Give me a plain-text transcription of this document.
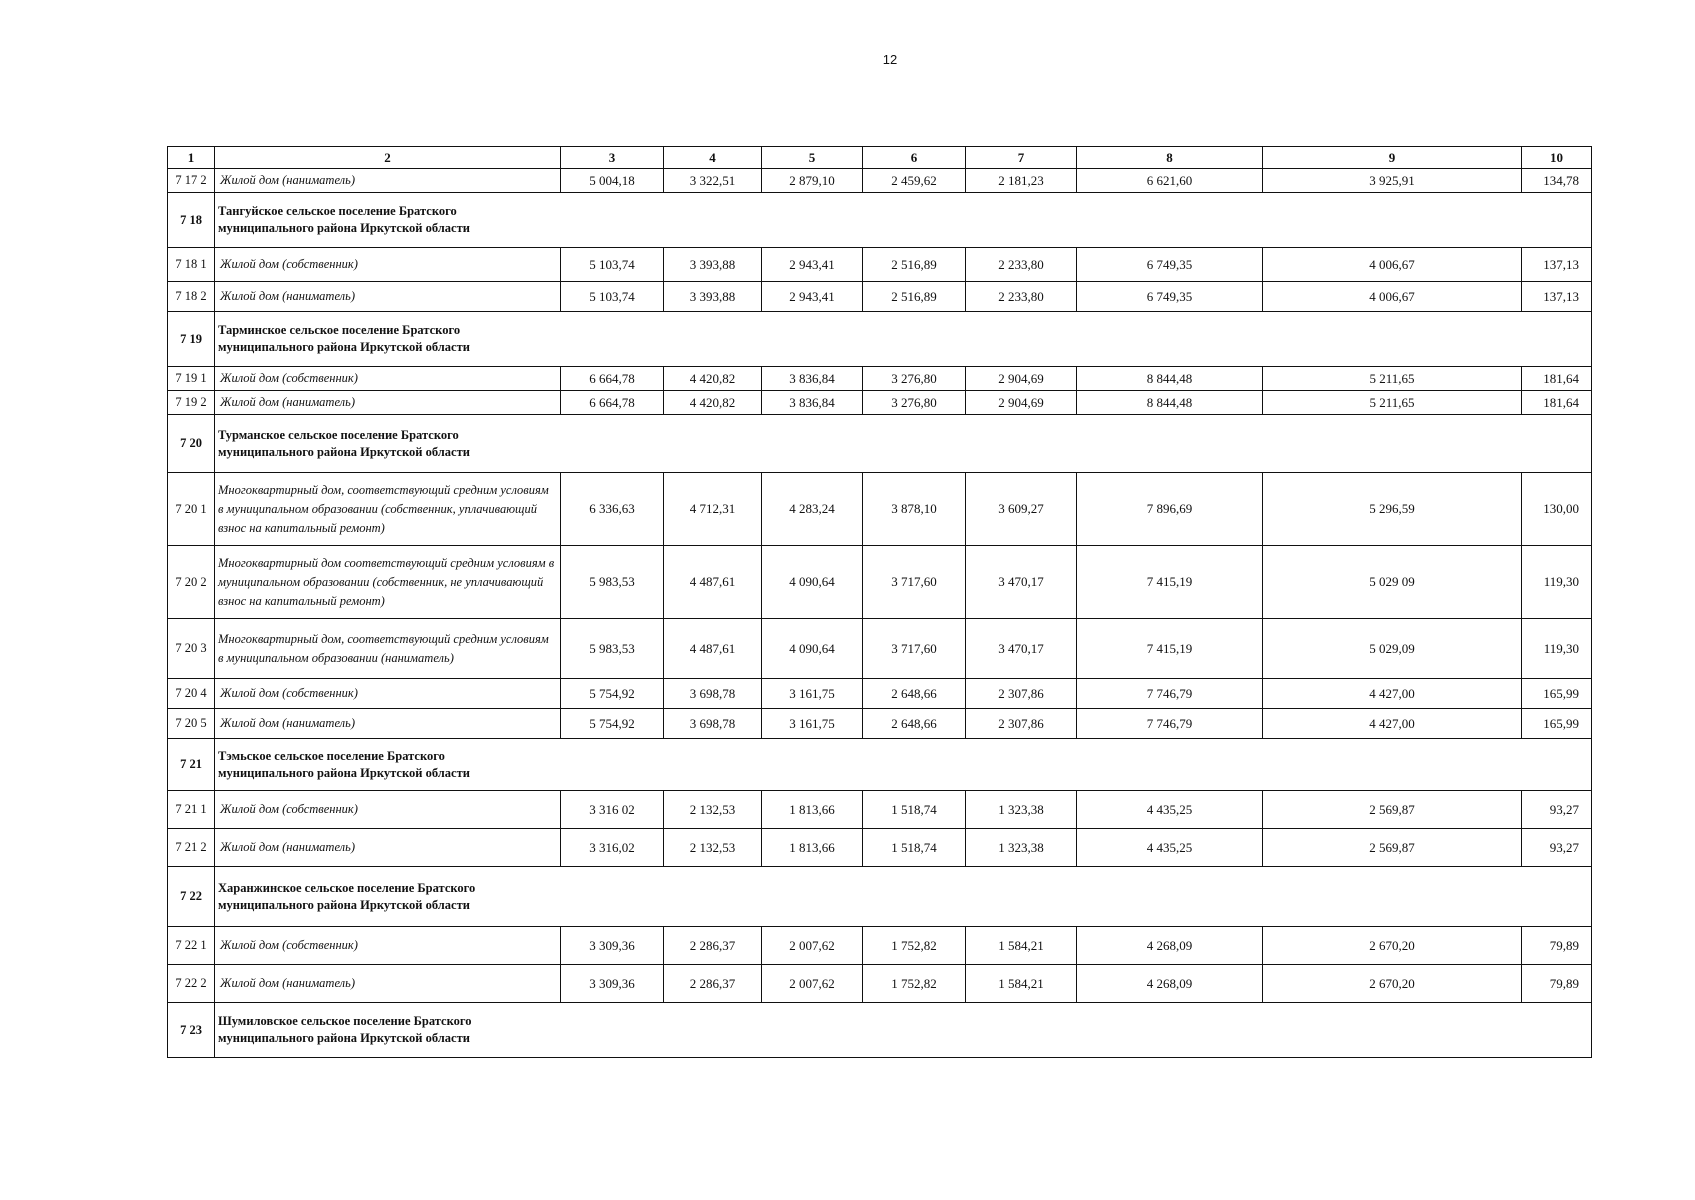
12
1	2	3	4	5	6	7	8	9	10
7 17 2	Жилой дом (наниматель)	5 004,18	3 322,51	2 879,10	2 459,62	2 181,23	6 621,60	3 925,91	134,78
7 18	Тангуйское сельское поселение Братского муниципального района Иркутской области								

7 18 1	Жилой дом (собственник)	5 103,74	3 393,88	2 943,41	2 516,89	2 233,80	6 749,35	4 006,67	137,13
7 18 2	Жилой дом (наниматель)	5 103,74	3 393,88	2 943,41	2 516,89	2 233,80	6 749,35	4 006,67	137,13
7 19	Тарминское сельское поселение Братского муниципального района Иркутской области								

7 19 1	Жилой дом (собственник)	6 664,78	4 420,82	3 836,84	3 276,80	2 904,69	8 844,48	5 211,65	181,64
7 19 2	Жилой дом (наниматель)	6 664,78	4 420,82	3 836,84	3 276,80	2 904,69	8 844,48	5 211,65	181,64
7 20	Турманское сельское поселение Братского муниципального района Иркутской области								

7 20 1	Многоквартирный дом, соответствующий средним условиям в муниципальном образовании (собственник, уплачивающий взнос на капитальный ремонт)	6 336,63	4 712,31	4 283,24	3 878,10	3 609,27	7 896,69	5 296,59	130,00
7 20 2	Многоквартирный дом соответствующий средним условиям в муниципальном образовании (собственник, не уплачивающий взнос на капитальный ремонт)	5 983,53	4 487,61	4 090,64	3 717,60	3 470,17	7 415,19	5 029 09	119,30
7 20 3	Многоквартирный дом, соответствующий средним условиям в муниципальном образовании (наниматель)	5 983,53	4 487,61	4 090,64	3 717,60	3 470,17	7 415,19	5 029,09	119,30
7 20 4	Жилой дом (собственник)	5 754,92	3 698,78	3 161,75	2 648,66	2 307,86	7 746,79	4 427,00	165,99
7 20 5	Жилой дом (наниматель)	5 754,92	3 698,78	3 161,75	2 648,66	2 307,86	7 746,79	4 427,00	165,99
7 21	Тэмьское сельское поселение Братского муниципального района Иркутской области								

7 21 1	Жилой дом (собственник)	3 316 02	2 132,53	1 813,66	1 518,74	1 323,38	4 435,25	2 569,87	93,27
7 21 2	Жилой дом (наниматель)	3 316,02	2 132,53	1 813,66	1 518,74	1 323,38	4 435,25	2 569,87	93,27
7 22	Харанжинское сельское поселение Братского муниципального района Иркутской области								

7 22 1	Жилой дом (собственник)	3 309,36	2 286,37	2 007,62	1 752,82	1 584,21	4 268,09	2 670,20	79,89
7 22 2	Жилой дом (наниматель)	3 309,36	2 286,37	2 007,62	1 752,82	1 584,21	4 268,09	2 670,20	79,89
7 23	Шумиловское сельское поселение Братского муниципального района Иркутской области								
